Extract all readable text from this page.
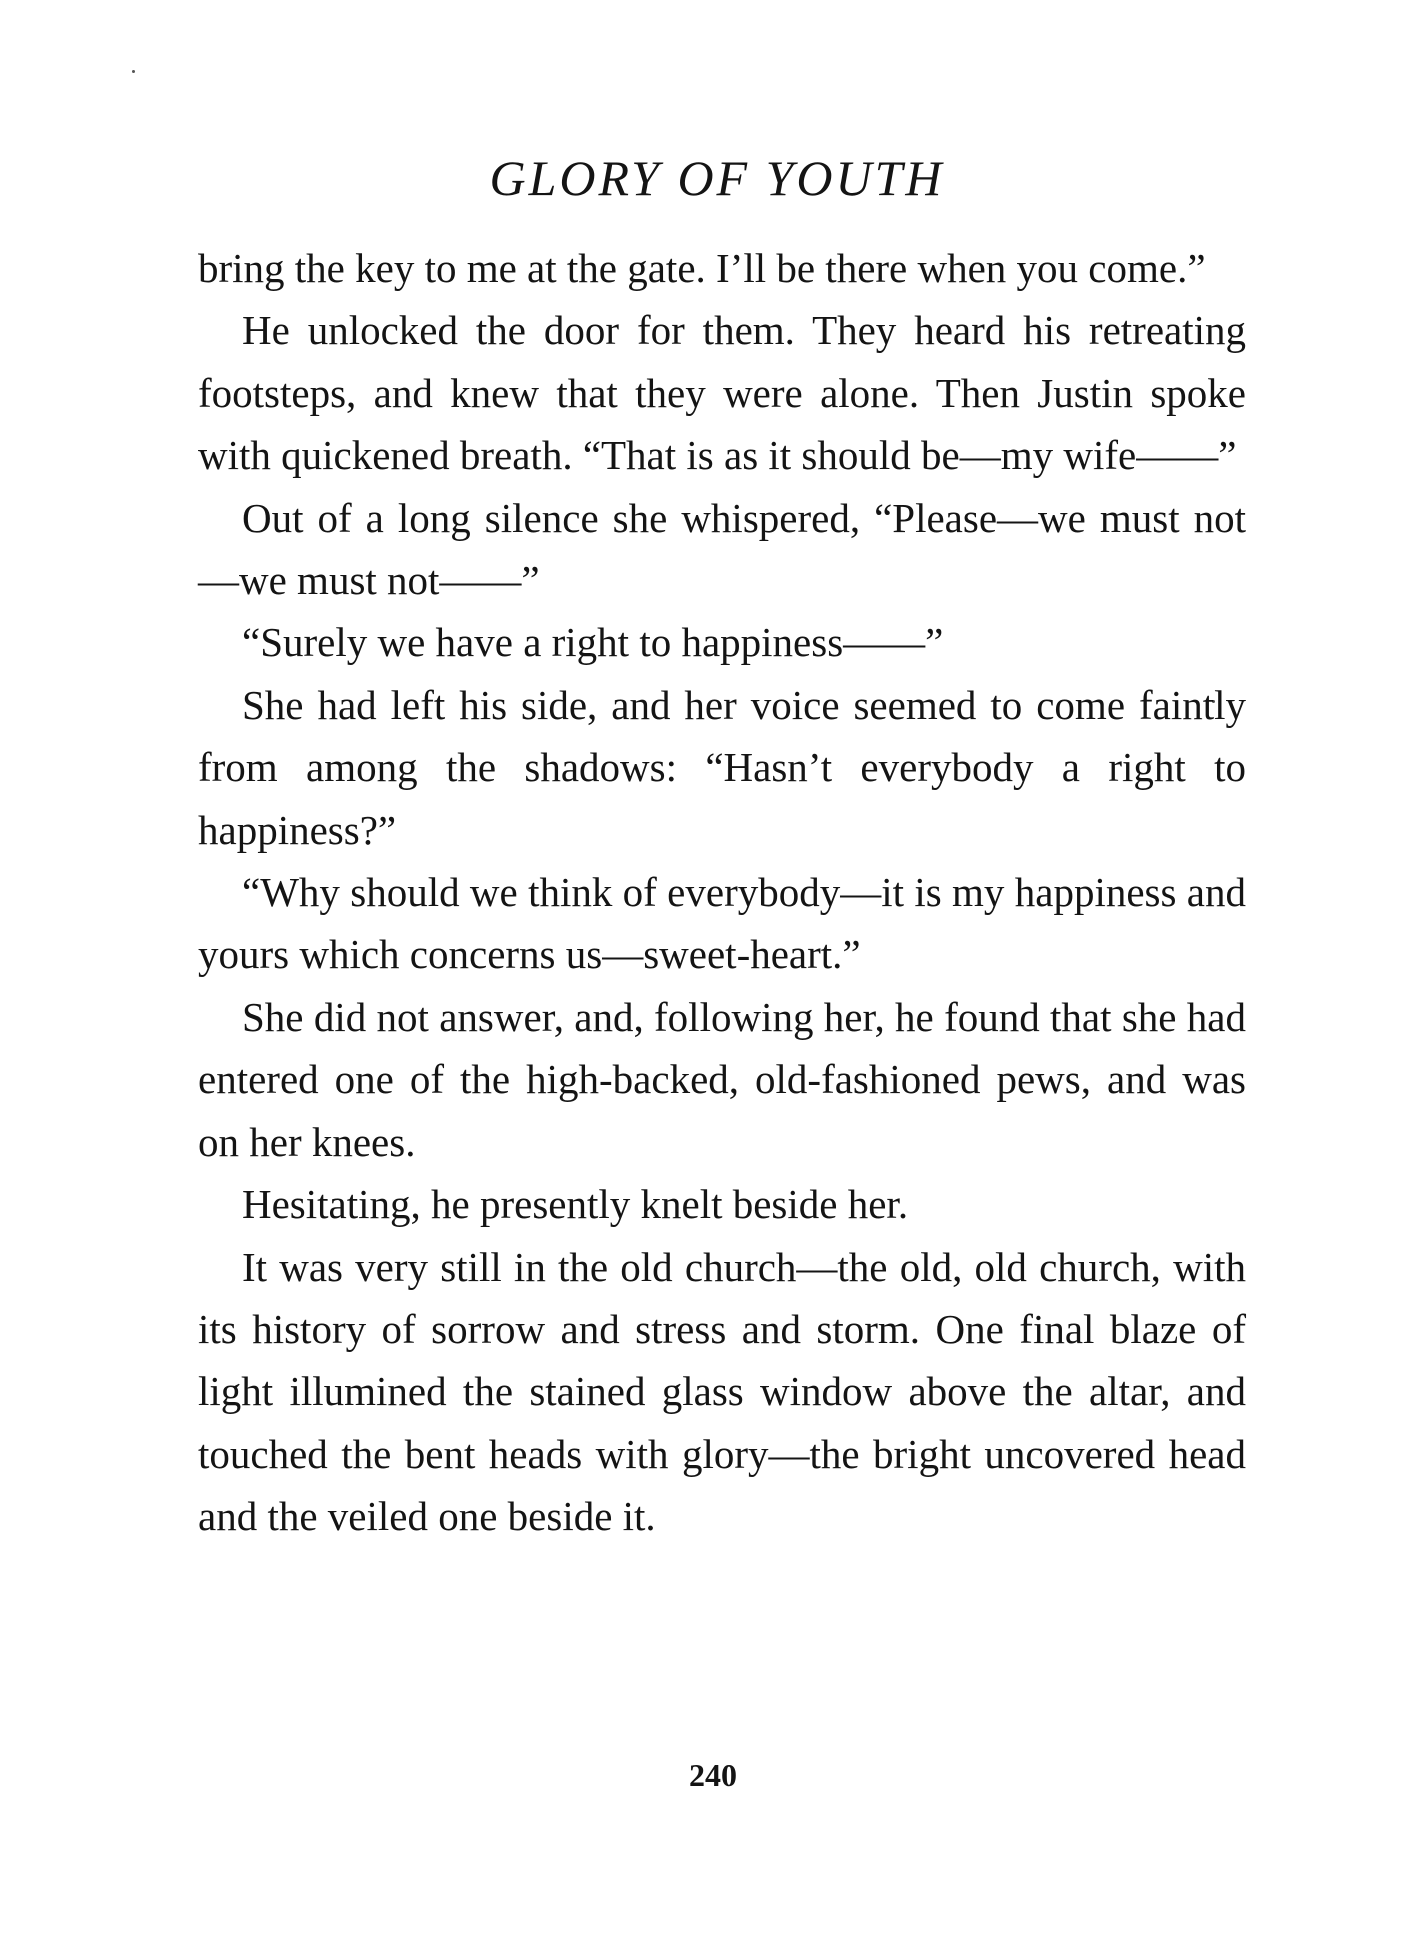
GLORY OF YOUTH

bring the key to me at the gate. I’ll be there when you come.”

He unlocked the door for them. They heard his retreating footsteps, and knew that they were alone. Then Justin spoke with quickened breath. “That is as it should be—my wife——”

Out of a long silence she whispered, “Please—we must not—we must not——”

“Surely we have a right to happiness——”

She had left his side, and her voice seemed to come faintly from among the shadows: “Hasn’t everybody a right to happiness?”

“Why should we think of everybody—it is my happiness and yours which concerns us—sweet-heart.”

She did not answer, and, following her, he found that she had entered one of the high-backed, old-fashioned pews, and was on her knees.

Hesitating, he presently knelt beside her.

It was very still in the old church—the old, old church, with its history of sorrow and stress and storm. One final blaze of light illumined the stained glass window above the altar, and touched the bent heads with glory—the bright uncovered head and the veiled one beside it.

240
